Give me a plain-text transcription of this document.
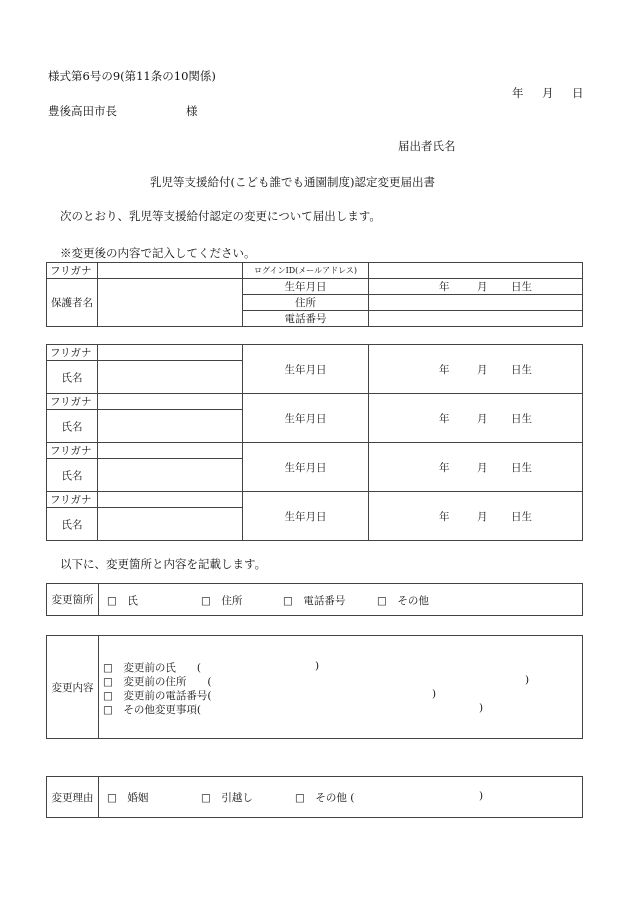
様式第6号の9(第11条の10関係)
年 月 日
豊後高田市長	様
届出者氏名
乳児等支援給付(こども誰でも通園制度)認定変更届出書
次のとおり、乳児等支援給付認定の変更について届出します。
※変更後の内容で記入してください。
フリガナ		ログインID(メールアドレス)	
保護者名		生年月日	年 月 日生

		住所	
		電話番号	
フリガナ		生年月日	年 月 日生

氏名			
フリガナ		生年月日	年 月 日生

氏名			
フリガナ		生年月日	年 月 日生

氏名			
フリガナ		生年月日	年 月 日生

氏名			
以下に、変更箇所と内容を記載します。
変更箇所	□　氏	□　住所	□　電話番号	□　その他
変更内容
□　変更前の氏　　(	)
□　変更前の住所　　(	)
□　変更前の電話番号(	)
□　その他変更事項(	)
変更理由	□　婚姻	□　引越し	□　その他 (	)
